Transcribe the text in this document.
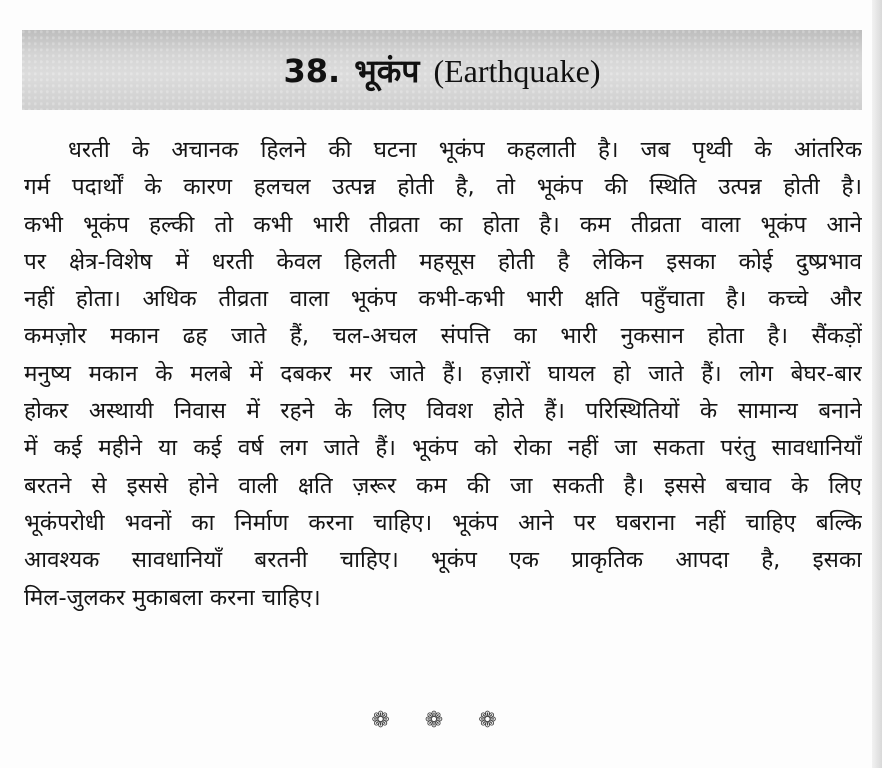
38. भूकंप (Earthquake)

धरती के अचानक हिलने की घटना भूकंप कहलाती है। जब पृथ्वी के आंतरिक
गर्म पदार्थों के कारण हलचल उत्पन्न होती है, तो भूकंप की स्थिति उत्पन्न होती है।
कभी भूकंप हल्की तो कभी भारी तीव्रता का होता है। कम तीव्रता वाला भूकंप आने
पर क्षेत्र-विशेष में धरती केवल हिलती महसूस होती है लेकिन इसका कोई दुष्प्रभाव
नहीं होता। अधिक तीव्रता वाला भूकंप कभी-कभी भारी क्षति पहुँचाता है। कच्चे और
कमज़ोर मकान ढह जाते हैं, चल-अचल संपत्ति का भारी नुकसान होता है। सैंकड़ों
मनुष्य मकान के मलबे में दबकर मर जाते हैं। हज़ारों घायल हो जाते हैं। लोग बेघर-बार
होकर अस्थायी निवास में रहने के लिए विवश होते हैं। परिस्थितियों के सामान्य बनाने
में कई महीने या कई वर्ष लग जाते हैं। भूकंप को रोका नहीं जा सकता परंतु सावधानियाँ
बरतने से इससे होने वाली क्षति ज़रूर कम की जा सकती है। इससे बचाव के लिए
भूकंपरोधी भवनों का निर्माण करना चाहिए। भूकंप आने पर घबराना नहीं चाहिए बल्कि
आवश्यक सावधानियाँ बरतनी चाहिए। भूकंप एक प्राकृतिक आपदा है, इसका
मिल-जुलकर मुकाबला करना चाहिए।

❁ ❁ ❁
